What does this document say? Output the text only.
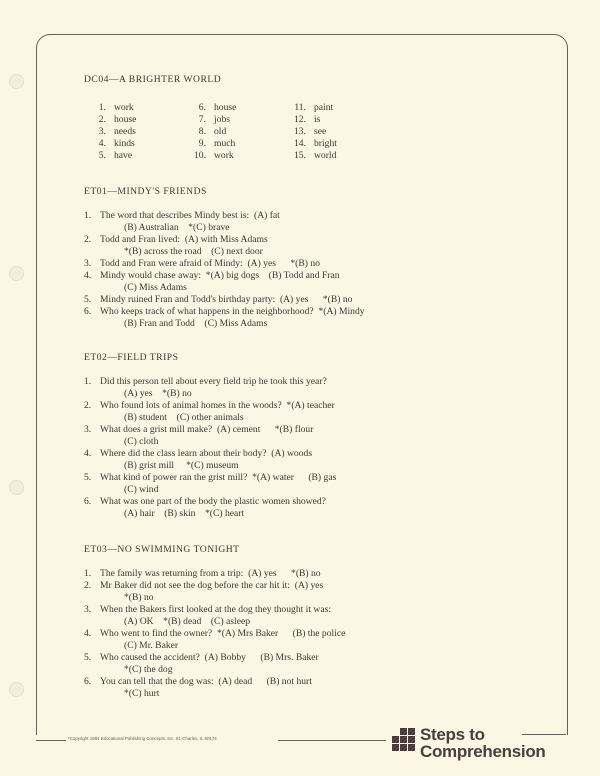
DC04—A BRIGHTER WORLD

1. work
2. house
3. needs
4. kinds
5. have
6. house
7. jobs
8. old
9. much
10. work
11. paint
12. is
13. see
14. bright
15. world

ET01—MINDY'S FRIENDS

1. The word that describes Mindy best is:  (A) fat
(B) Australian    *(C) brave
2. Todd and Fran lived:  (A) with Miss Adams
*(B) across the road    (C) next door
3. Todd and Fran were afraid of Mindy:  (A) yes      *(B) no
4. Mindy would chase away:  *(A) big dogs    (B) Todd and Fran
(C) Miss Adams
5. Mindy ruined Fran and Todd's birthday party:  (A) yes      *(B) no
6. Who keeps track of what happens in the neighborhood?  *(A) Mindy
(B) Fran and Todd    (C) Miss Adams

ET02—FIELD TRIPS

1. Did this person tell about every field trip he took this year?
(A) yes    *(B) no
2. Who found lots of animal homes in the woods?  *(A) teacher
(B) student    (C) other animals
3. What does a grist mill make?  (A) cement      *(B) flour
(C) cloth
4. Where did the class learn about their body?  (A) woods
(B) grist mill     *(C) museum
5. What kind of power ran the grist mill?  *(A) water      (B) gas
(C) wind
6. What was one part of the body the plastic women showed?
(A) hair    (B) skin    *(C) heart

ET03—NO SWIMMING TONIGHT

1. The family was returning from a trip:  (A) yes      *(B) no
2. Mr Baker did not see the dog before the car hit it:  (A) yes
*(B) no
3. When the Bakers first looked at the dog they thought it was:
(A) OK    *(B) dead    (C) asleep
4. Who went to find the owner?  *(A) Mrs Baker      (B) the police
(C) Mr. Baker
5. Who caused the accident?  (A) Bobby      (B) Mrs. Baker
*(C) the dog
6. You can tell that the dog was:  (A) dead      (B) not hurt
*(C) hurt
*Copyright 1984 Educational Publishing Concepts, Inc. St. Charles, IL 60174	Steps to
Comprehension
